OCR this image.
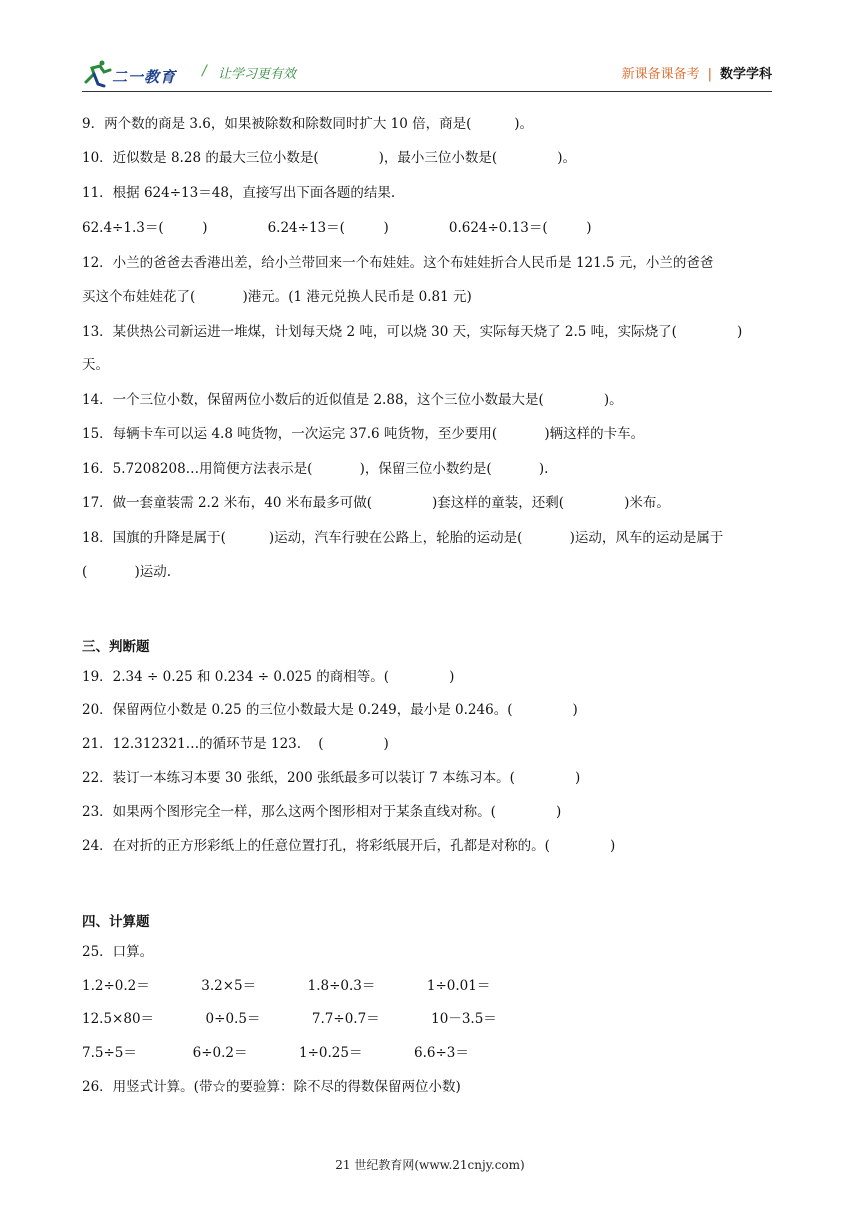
二一教育 / 让学习更有效	新课备课备考 | 数学学科
9．两个数的商是 3.6，如果被除数和除数同时扩大 10 倍，商是(          )。
10．近似数是 8.28 的最大三位小数是(              )，最小三位小数是(              )。
11．根据 624÷13＝48，直接写出下面各题的结果.
62.4÷1.3＝(         )              6.24÷13＝(         )              0.624÷0.13＝(         )
12．小兰的爸爸去香港出差，给小兰带回来一个布娃娃。这个布娃娃折合人民币是 121.5 元，小兰的爸爸
买这个布娃娃花了(           )港元。(1 港元兑换人民币是 0.81 元)
13．某供热公司新运进一堆煤，计划每天烧 2 吨，可以烧 30 天，实际每天烧了 2.5 吨，实际烧了(              )
天。
14．一个三位小数，保留两位小数后的近似值是 2.88，这个三位小数最大是(              )。
15．每辆卡车可以运 4.8 吨货物，一次运完 37.6 吨货物，至少要用(           )辆这样的卡车。
16．5.7208208…用简便方法表示是(           )，保留三位小数约是(           ).
17．做一套童装需 2.2 米布，40 米布最多可做(              )套这样的童装，还剩(              )米布。
18．国旗的升降是属于(          )运动，汽车行驶在公路上，轮胎的运动是(           )运动，风车的运动是属于
(           )运动.
三、判断题
19．2.34 ÷ 0.25 和 0.234 ÷ 0.025 的商相等。(              )
20．保留两位小数是 0.25 的三位小数最大是 0.249，最小是 0.246。(              )
21．12.312321…的循环节是 123.    (              )
22．装订一本练习本要 30 张纸，200 张纸最多可以装订 7 本练习本。(              )
23．如果两个图形完全一样，那么这两个图形相对于某条直线对称。(              )
24．在对折的正方形彩纸上的任意位置打孔，将彩纸展开后，孔都是对称的。(              )
四、计算题
25．口算。
1.2÷0.2＝            3.2×5＝            1.8÷0.3＝            1÷0.01＝
12.5×80＝            0÷0.5＝            7.7÷0.7＝            10－3.5＝
7.5÷5＝             6÷0.2＝            1÷0.25＝            6.6÷3＝
26．用竖式计算。(带☆的要验算：除不尽的得数保留两位小数)
21 世纪教育网(www.21cnjy.com)
